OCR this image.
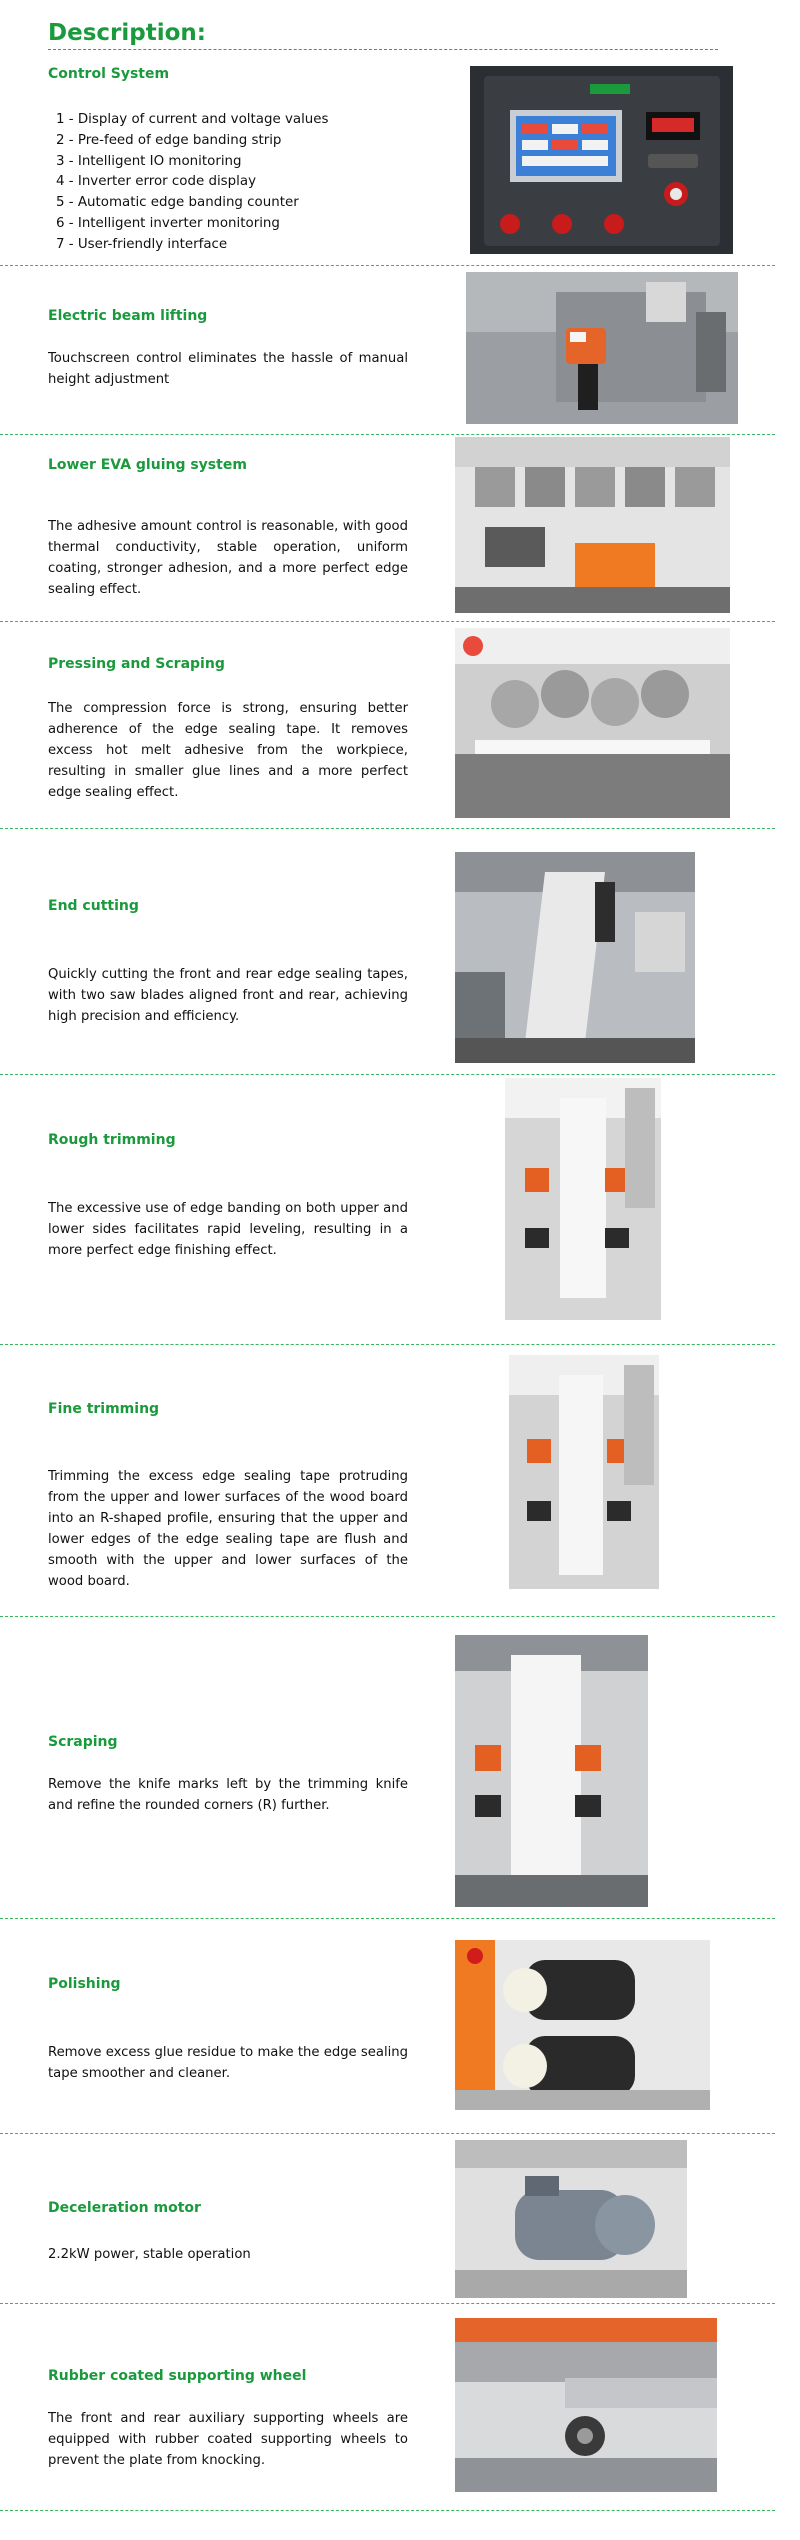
Description:
Control System
1 - Display of current and voltage values
2 - Pre-feed of edge banding strip
3 - Intelligent IO monitoring
4 - Inverter error code display
5 - Automatic edge banding counter
6 - Intelligent inverter monitoring
7 - User-friendly interface
Electric beam lifting

Touchscreen control eliminates the hassle of manual height adjustment

Lower EVA gluing system

The adhesive amount control is reasonable, with good thermal conductivity, stable operation, uniform coating, stronger adhesion, and a more perfect edge sealing effect.

Pressing and Scraping

The compression force is strong, ensuring better adherence of the edge sealing tape. It removes excess hot melt adhesive from the workpiece, resulting in smaller glue lines and a more perfect edge sealing effect.

End cutting

Quickly cutting the front and rear edge sealing tapes, with two saw blades aligned front and rear, achieving high precision and efficiency.

Rough trimming

The excessive use of edge banding on both upper and lower sides facilitates rapid leveling, resulting in a more perfect edge finishing effect.

Fine trimming

Trimming the excess edge sealing tape protruding from the upper and lower surfaces of the wood board into an R-shaped profile, ensuring that the upper and lower edges of the edge sealing tape are flush and smooth with the upper and lower surfaces of the wood board.

Scraping

Remove the knife marks left by the trimming knife and refine the rounded corners (R) further.

Polishing

Remove excess glue residue to make the edge sealing tape smoother and cleaner.

Deceleration motor

2.2kW power, stable operation

Rubber coated supporting wheel

The front and rear auxiliary supporting wheels are equipped with rubber coated supporting wheels to prevent the plate from knocking.
